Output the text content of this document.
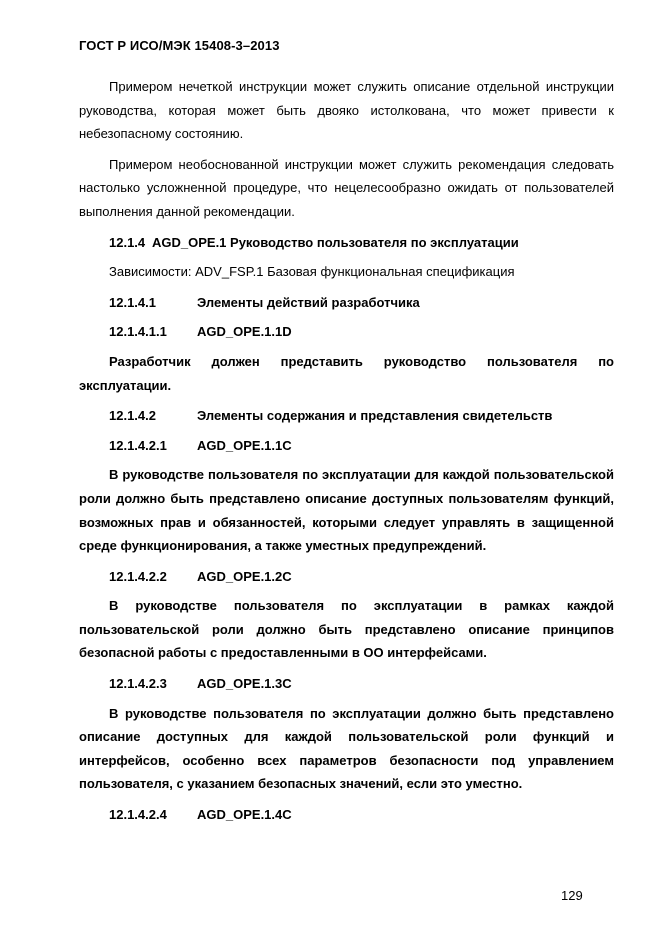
ГОСТ Р ИСО/МЭК 15408-3–2013

Примером нечеткой инструкции может служить описание отдельной инструкции руководства, которая может быть двояко истолкована, что может привести к небезопасному состоянию.

Примером необоснованной инструкции может служить рекомендация следовать настолько усложненной процедуре, что нецелесообразно ожидать от пользователей выполнения данной рекомендации.

12.1.4 AGD_OPE.1 Руководство пользователя по эксплуатации

Зависимости: ADV_FSP.1 Базовая функциональная спецификация

12.1.4.1	Элементы действий разработчика
12.1.4.1.1	AGD_OPE.1.1D

Разработчик должен представить руководство пользователя по эксплуатации.

12.1.4.2	Элементы содержания и представления свидетельств
12.1.4.2.1	AGD_OPE.1.1C

В руководстве пользователя по эксплуатации для каждой пользовательской роли должно быть представлено описание доступных пользователям функций, возможных прав и обязанностей, которыми следует управлять в защищенной среде функционирования, а также уместных предупреждений.

12.1.4.2.2	AGD_OPE.1.2C

В руководстве пользователя по эксплуатации в рамках каждой пользовательской роли должно быть представлено описание принципов безопасной работы с предоставленными в ОО интерфейсами.

12.1.4.2.3	AGD_OPE.1.3C

В руководстве пользователя по эксплуатации должно быть представлено описание доступных для каждой пользовательской роли функций и интерфейсов, особенно всех параметров безопасности под управлением пользователя, с указанием безопасных значений, если это уместно.

12.1.4.2.4	AGD_OPE.1.4C
129
